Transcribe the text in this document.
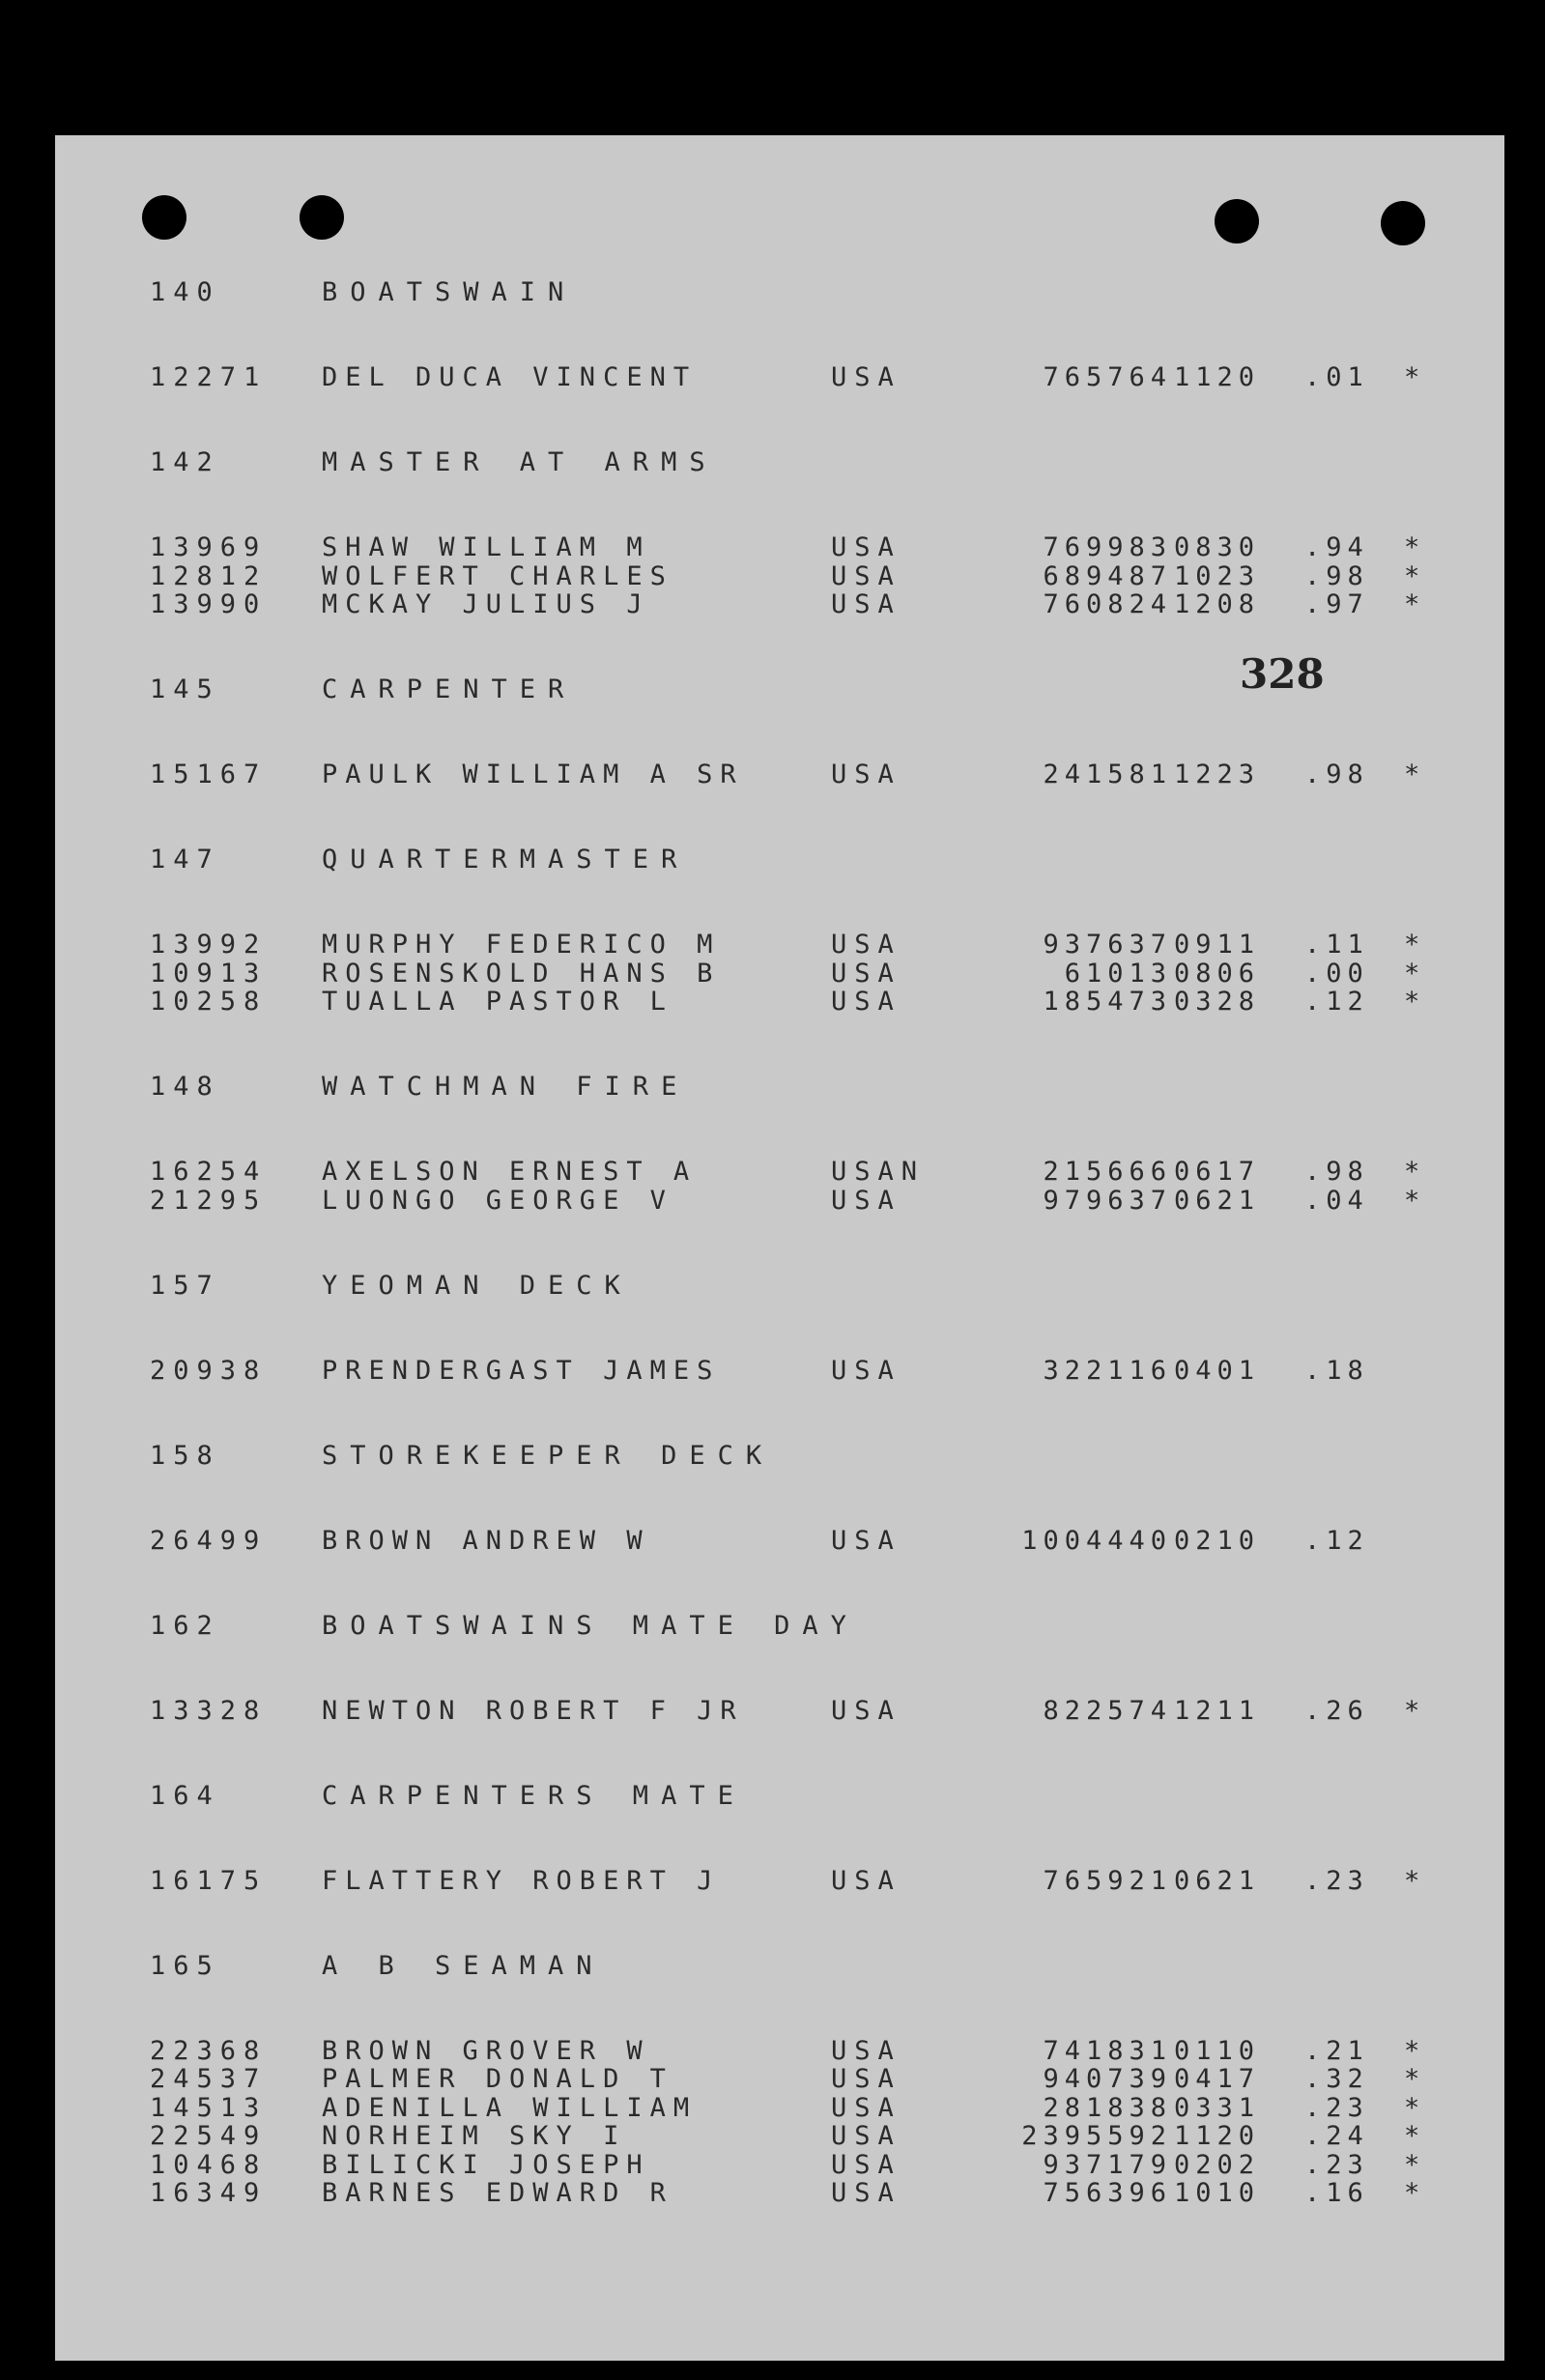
328
140	BOATSWAIN
12271 DEL DUCA VINCENT	USA	765764 1120 .01 *
142	MASTER AT ARMS
13969 SHAW WILLIAM M	USA	769983 0830 .94 *
12812 WOLFERT CHARLES	USA	689487 1023 .98 *
13990 MCKAY JULIUS J	USA	760824 1208 .97 *
145	CARPENTER
15167 PAULK WILLIAM A SR	USA	241581 1223 .98 *
147	QUARTERMASTER
13992 MURPHY FEDERICO M	USA	937637 0911 .11 *
10913 ROSENSKOLD HANS B	USA	61013 0806 .00 *
10258 TUALLA PASTOR L	USA	185473 0328 .12 *
148	WATCHMAN FIRE
16254 AXELSON ERNEST A	USAN	215666 0617 .98 *
21295 LUONGO GEORGE V	USA	979637 0621 .04 *
157	YEOMAN DECK
20938 PRENDERGAST JAMES	USA	322116 0401 .18
158	STOREKEEPER DECK
26499 BROWN ANDREW W	USA	1004440 0210 .12
162	BOATSWAINS MATE DAY
13328 NEWTON ROBERT F JR	USA	822574 1211 .26 *
164	CARPENTERS MATE
16175 FLATTERY ROBERT J	USA	765921 0621 .23 *
165	A B SEAMAN
22368 BROWN GROVER W	USA	741831 0110 .21 *
24537 PALMER DONALD T	USA	940739 0417 .32 *
14513 ADENILLA WILLIAM	USA	281838 0331 .23 *
22549 NORHEIM SKY I	USA	2395592 1120 .24 *
10468 BILICKI JOSEPH	USA	937179 0202 .23 *
16349 BARNES EDWARD R	USA	756396 1010 .16 *
